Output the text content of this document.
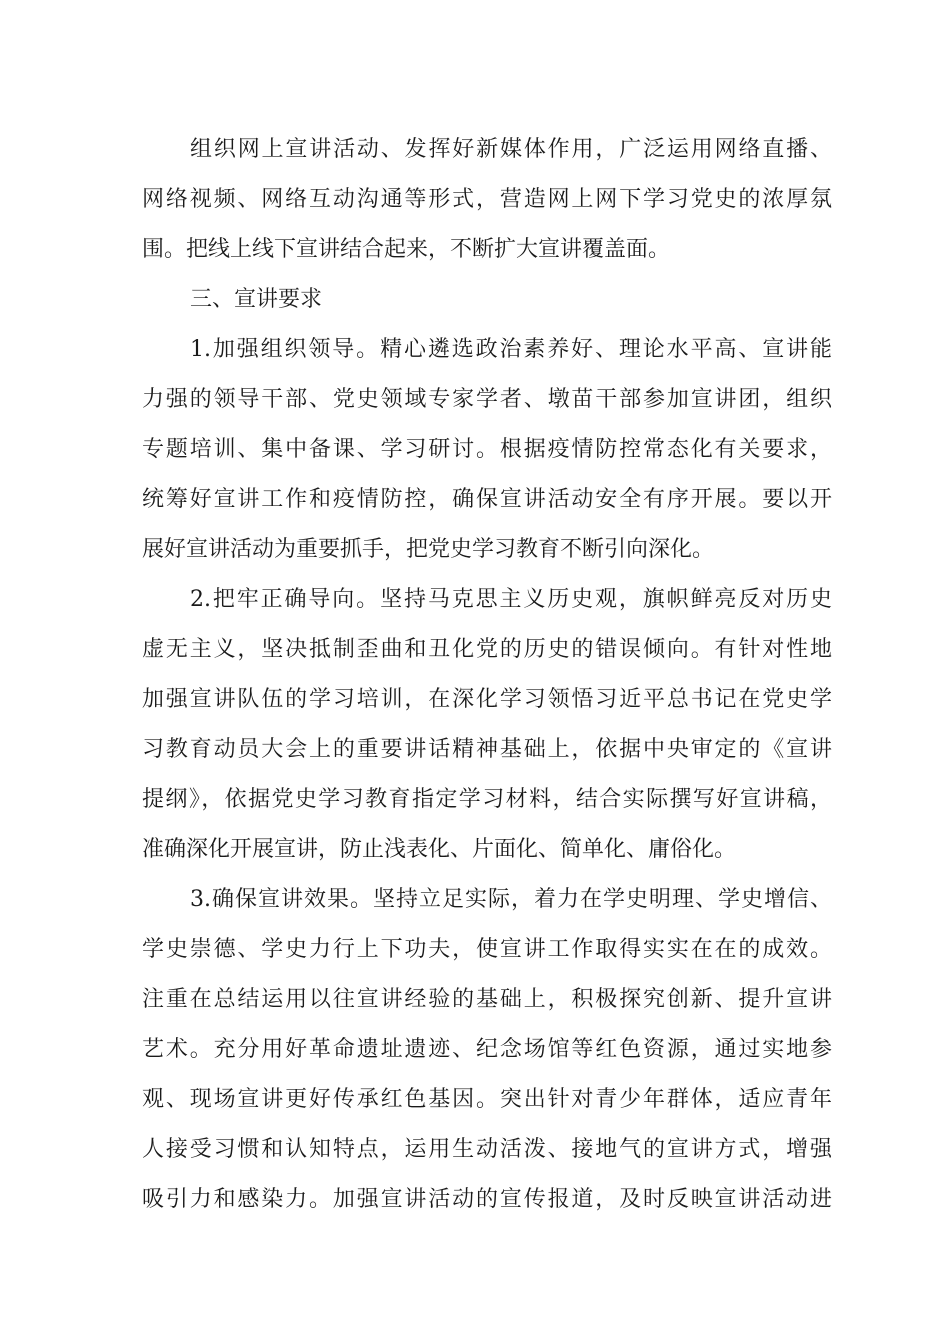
组织网上宣讲活动、发挥好新媒体作用，广泛运用网络直播、
网络视频、网络互动沟通等形式，营造网上网下学习党史的浓厚氛
围。把线上线下宣讲结合起来，不断扩大宣讲覆盖面。
三、宣讲要求
1.加强组织领导。精心遴选政治素养好、理论水平高、宣讲能
力强的领导干部、党史领域专家学者、墩苗干部参加宣讲团，组织
专题培训、集中备课、学习研讨。根据疫情防控常态化有关要求，
统筹好宣讲工作和疫情防控，确保宣讲活动安全有序开展。要以开
展好宣讲活动为重要抓手，把党史学习教育不断引向深化。
2.把牢正确导向。坚持马克思主义历史观，旗帜鲜亮反对历史
虚无主义，坚决抵制歪曲和丑化党的历史的错误倾向。有针对性地
加强宣讲队伍的学习培训，在深化学习领悟习近平总书记在党史学
习教育动员大会上的重要讲话精神基础上，依据中央审定的《宣讲
提纲》，依据党史学习教育指定学习材料，结合实际撰写好宣讲稿，
准确深化开展宣讲，防止浅表化、片面化、简单化、庸俗化。
3.确保宣讲效果。坚持立足实际，着力在学史明理、学史增信、
学史崇德、学史力行上下功夫，使宣讲工作取得实实在在的成效。
注重在总结运用以往宣讲经验的基础上，积极探究创新、提升宣讲
艺术。充分用好革命遗址遗迹、纪念场馆等红色资源，通过实地参
观、现场宣讲更好传承红色基因。突出针对青少年群体，适应青年
人接受习惯和认知特点，运用生动活泼、接地气的宣讲方式，增强
吸引力和感染力。加强宣讲活动的宣传报道，及时反映宣讲活动进
